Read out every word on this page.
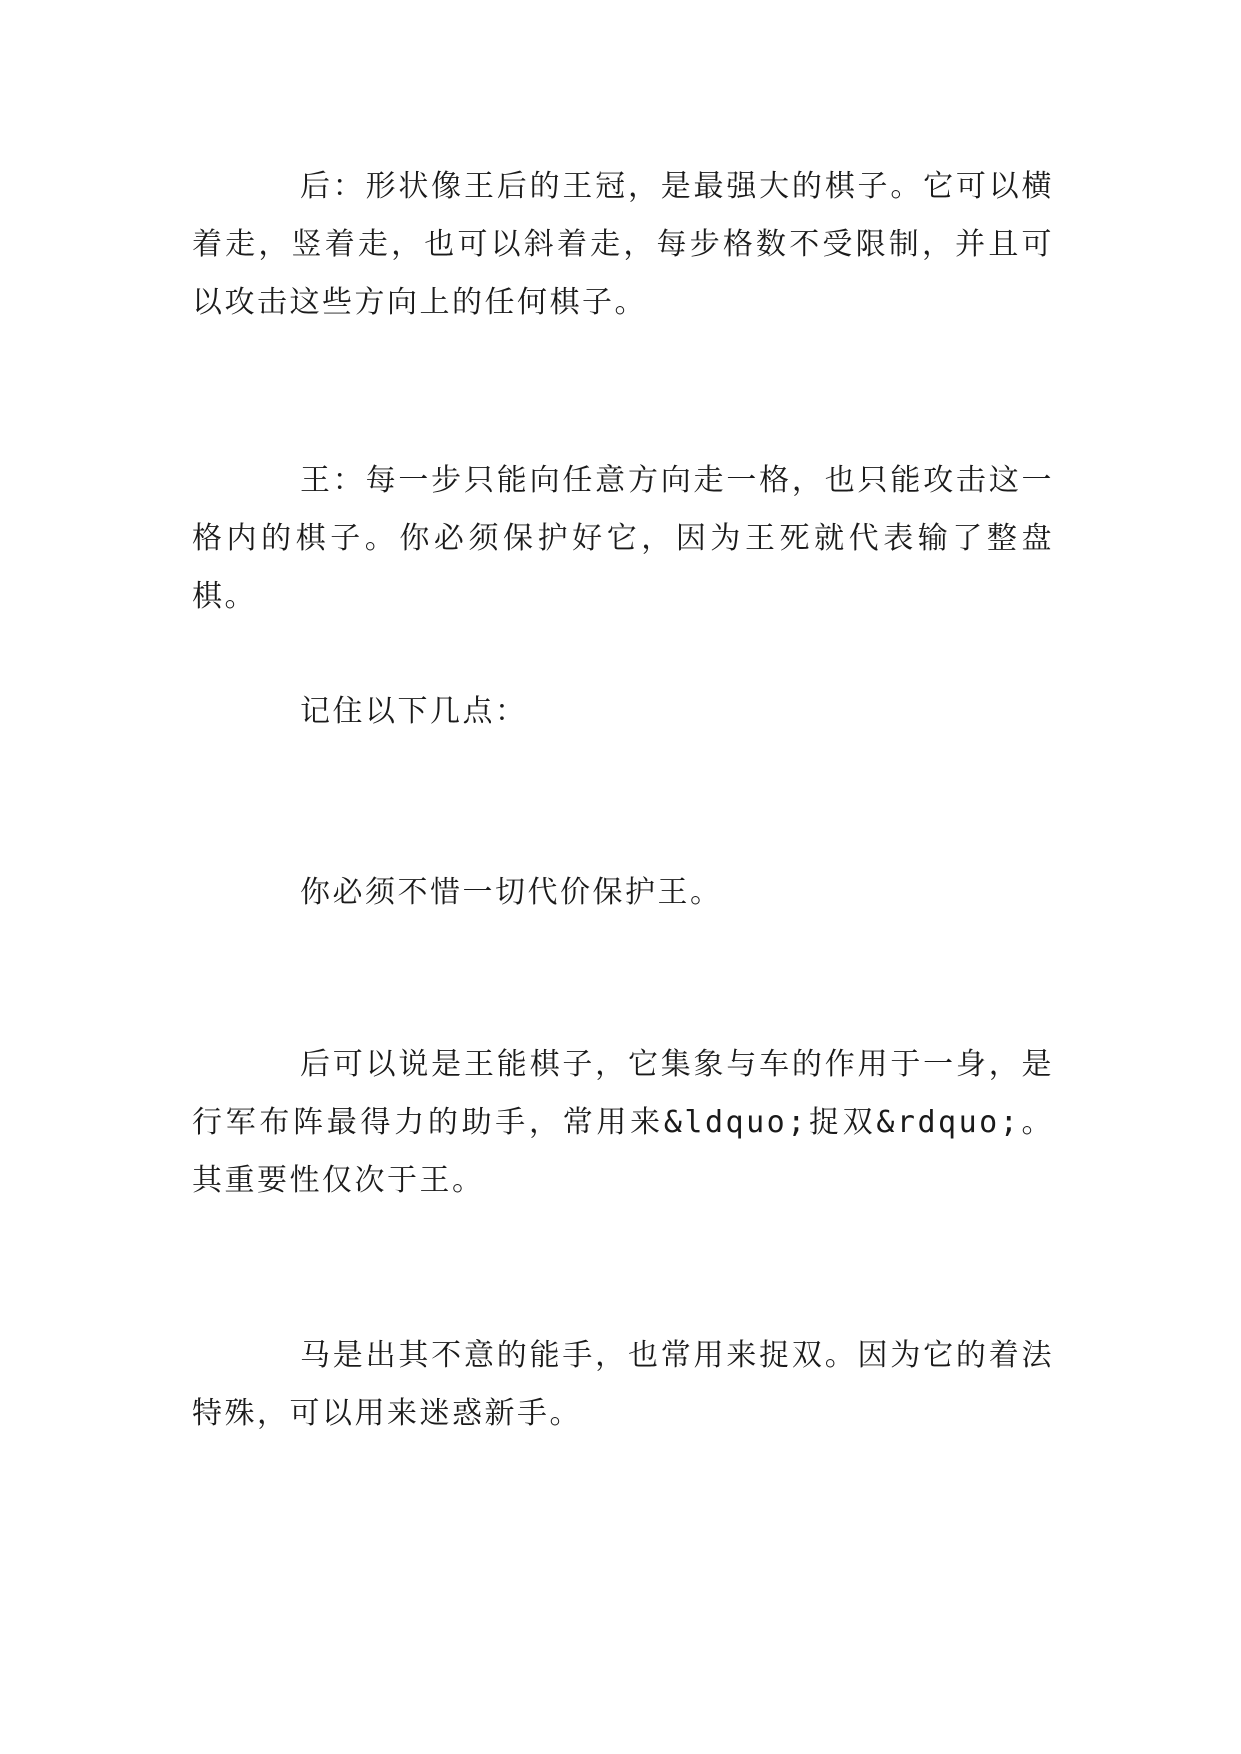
后：形状像王后的王冠，是最强大的棋子。它可以横着走，竖着走，也可以斜着走，每步格数不受限制，并且可以攻击这些方向上的任何棋子。

王：每一步只能向任意方向走一格，也只能攻击这一格内的棋子。你必须保护好它，因为王死就代表输了整盘棋。

记住以下几点：

你必须不惜一切代价保护王。

后可以说是王能棋子，它集象与车的作用于一身，是行军布阵最得力的助手，常用来&ldquo;捉双&rdquo;。其重要性仅次于王。

马是出其不意的能手，也常用来捉双。因为它的着法特殊，可以用来迷惑新手。
